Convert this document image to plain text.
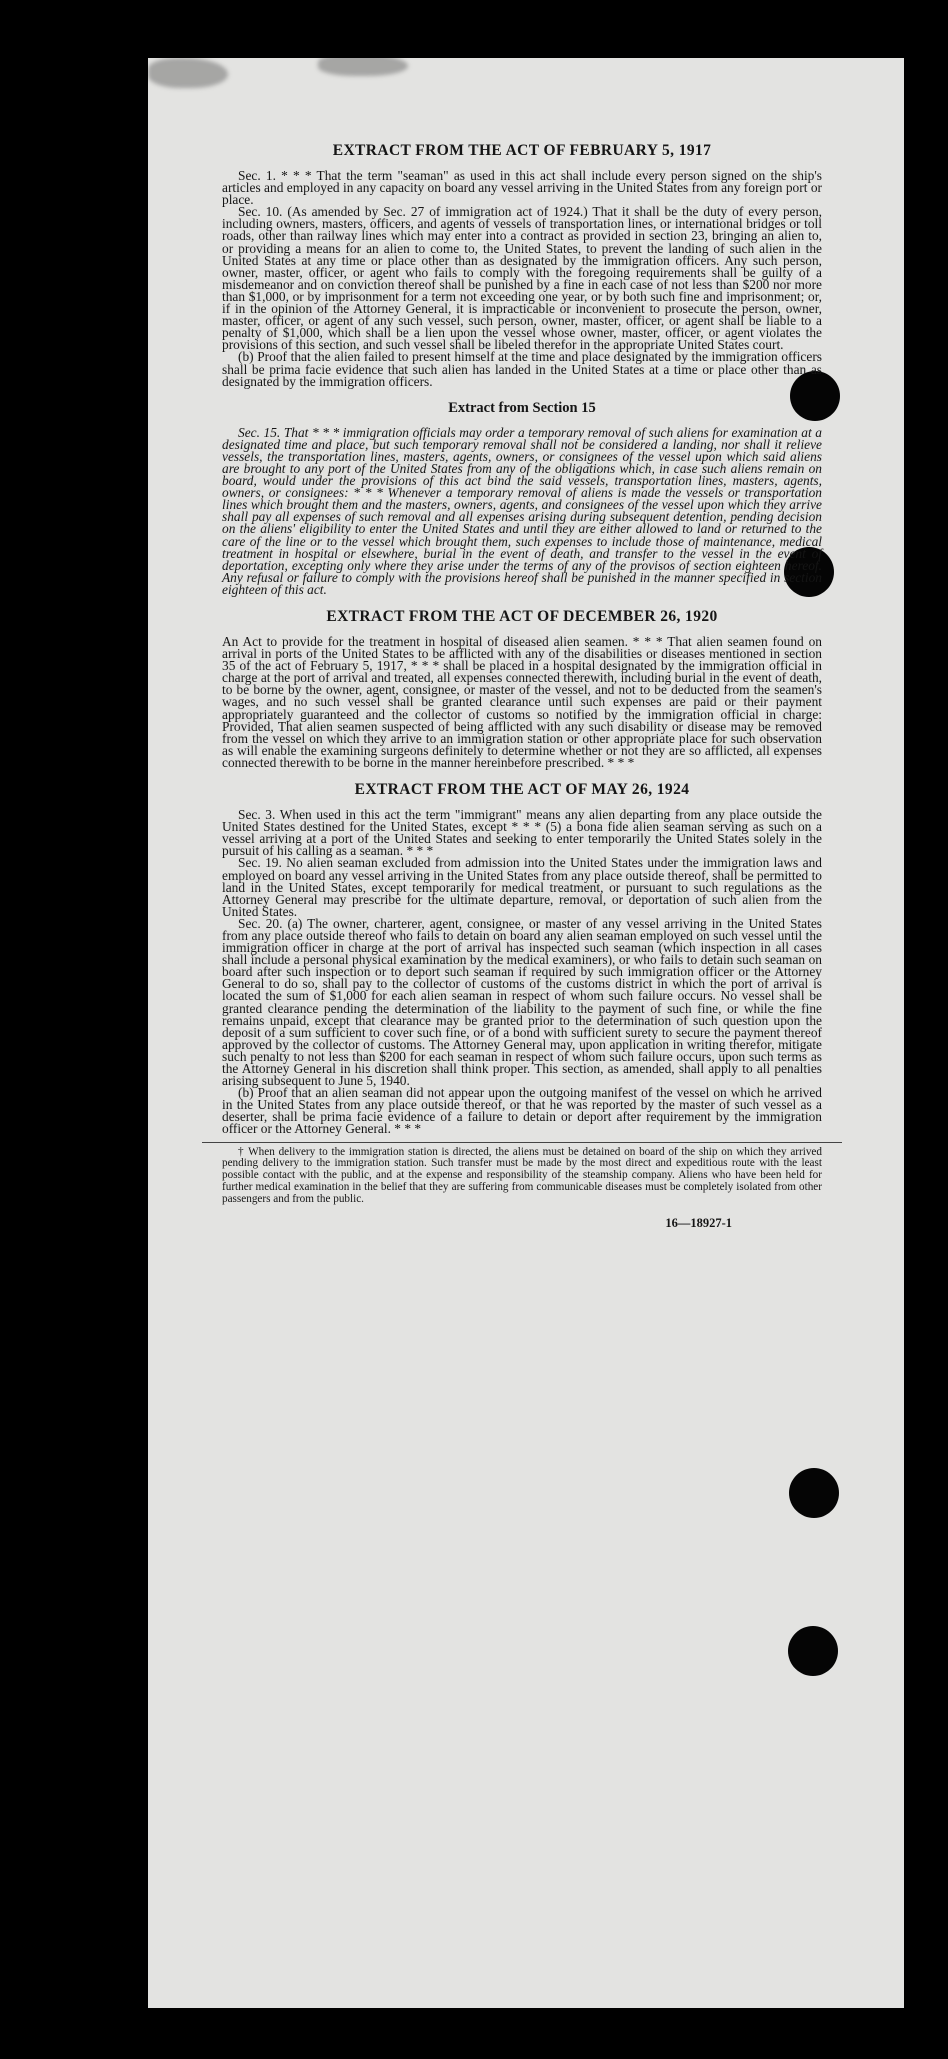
EXTRACT FROM THE ACT OF FEBRUARY 5, 1917

Sec. 1. * * * That the term "seaman" as used in this act shall include every person signed on the ship's articles and employed in any capacity on board any vessel arriving in the United States from any foreign port or place.

Sec. 10. (As amended by Sec. 27 of immigration act of 1924.) That it shall be the duty of every person, including owners, masters, officers, and agents of vessels of transportation lines, or international bridges or toll roads, other than railway lines which may enter into a contract as provided in section 23, bringing an alien to, or providing a means for an alien to come to, the United States, to prevent the landing of such alien in the United States at any time or place other than as designated by the immigration officers. Any such person, owner, master, officer, or agent who fails to comply with the foregoing requirements shall be guilty of a misdemeanor and on conviction thereof shall be punished by a fine in each case of not less than $200 nor more than $1,000, or by imprisonment for a term not exceeding one year, or by both such fine and imprisonment; or, if in the opinion of the Attorney General, it is impracticable or inconvenient to prosecute the person, owner, master, officer, or agent of any such vessel, such person, owner, master, officer, or agent shall be liable to a penalty of $1,000, which shall be a lien upon the vessel whose owner, master, officer, or agent violates the provisions of this section, and such vessel shall be libeled therefor in the appropriate United States court.

(b) Proof that the alien failed to present himself at the time and place designated by the immigration officers shall be prima facie evidence that such alien has landed in the United States at a time or place other than as designated by the immigration officers.

Extract from Section 15

Sec. 15. That * * * immigration officials may order a temporary removal of such aliens for examination at a designated time and place, but such temporary removal shall not be considered a landing, nor shall it relieve vessels, the transportation lines, masters, agents, owners, or consignees of the vessel upon which said aliens are brought to any port of the United States from any of the obligations which, in case such aliens remain on board, would under the provisions of this act bind the said vessels, transportation lines, masters, agents, owners, or consignees: * * * Whenever a temporary removal of aliens is made the vessels or transportation lines which brought them and the masters, owners, agents, and consignees of the vessel upon which they arrive shall pay all expenses of such removal and all expenses arising during subsequent detention, pending decision on the aliens' eligibility to enter the United States and until they are either allowed to land or returned to the care of the line or to the vessel which brought them, such expenses to include those of maintenance, medical treatment in hospital or elsewhere, burial in the event of death, and transfer to the vessel in the event of deportation, excepting only where they arise under the terms of any of the provisos of section eighteen hereof. Any refusal or failure to comply with the provisions hereof shall be punished in the manner specified in section eighteen of this act.

EXTRACT FROM THE ACT OF DECEMBER 26, 1920

An Act to provide for the treatment in hospital of diseased alien seamen. * * * That alien seamen found on arrival in ports of the United States to be afflicted with any of the disabilities or diseases mentioned in section 35 of the act of February 5, 1917, * * * shall be placed in a hospital designated by the immigration official in charge at the port of arrival and treated, all expenses connected therewith, including burial in the event of death, to be borne by the owner, agent, consignee, or master of the vessel, and not to be deducted from the seamen's wages, and no such vessel shall be granted clearance until such expenses are paid or their payment appropriately guaranteed and the collector of customs so notified by the immigration official in charge: Provided, That alien seamen suspected of being afflicted with any such disability or disease may be removed from the vessel on which they arrive to an immigration station or other appropriate place for such observation as will enable the examining surgeons definitely to determine whether or not they are so afflicted, all expenses connected therewith to be borne in the manner hereinbefore prescribed. * * *

EXTRACT FROM THE ACT OF MAY 26, 1924

Sec. 3. When used in this act the term "immigrant" means any alien departing from any place outside the United States destined for the United States, except * * * (5) a bona fide alien seaman serving as such on a vessel arriving at a port of the United States and seeking to enter temporarily the United States solely in the pursuit of his calling as a seaman. * * *

Sec. 19. No alien seaman excluded from admission into the United States under the immigration laws and employed on board any vessel arriving in the United States from any place outside thereof, shall be permitted to land in the United States, except temporarily for medical treatment, or pursuant to such regulations as the Attorney General may prescribe for the ultimate departure, removal, or deportation of such alien from the United States.

Sec. 20. (a) The owner, charterer, agent, consignee, or master of any vessel arriving in the United States from any place outside thereof who fails to detain on board any alien seaman employed on such vessel until the immigration officer in charge at the port of arrival has inspected such seaman (which inspection in all cases shall include a personal physical examination by the medical examiners), or who fails to detain such seaman on board after such inspection or to deport such seaman if required by such immigration officer or the Attorney General to do so, shall pay to the collector of customs of the customs district in which the port of arrival is located the sum of $1,000 for each alien seaman in respect of whom such failure occurs. No vessel shall be granted clearance pending the determination of the liability to the payment of such fine, or while the fine remains unpaid, except that clearance may be granted prior to the determination of such question upon the deposit of a sum sufficient to cover such fine, or of a bond with sufficient surety to secure the payment thereof approved by the collector of customs. The Attorney General may, upon application in writing therefor, mitigate such penalty to not less than $200 for each seaman in respect of whom such failure occurs, upon such terms as the Attorney General in his discretion shall think proper. This section, as amended, shall apply to all penalties arising subsequent to June 5, 1940.

(b) Proof that an alien seaman did not appear upon the outgoing manifest of the vessel on which he arrived in the United States from any place outside thereof, or that he was reported by the master of such vessel as a deserter, shall be prima facie evidence of a failure to detain or deport after requirement by the immigration officer or the Attorney General. * * *

† When delivery to the immigration station is directed, the aliens must be detained on board of the ship on which they arrived pending delivery to the immigration station. Such transfer must be made by the most direct and expeditious route with the least possible contact with the public, and at the expense and responsibility of the steamship company. Aliens who have been held for further medical examination in the belief that they are suffering from communicable diseases must be completely isolated from other passengers and from the public.

16—18927-1
